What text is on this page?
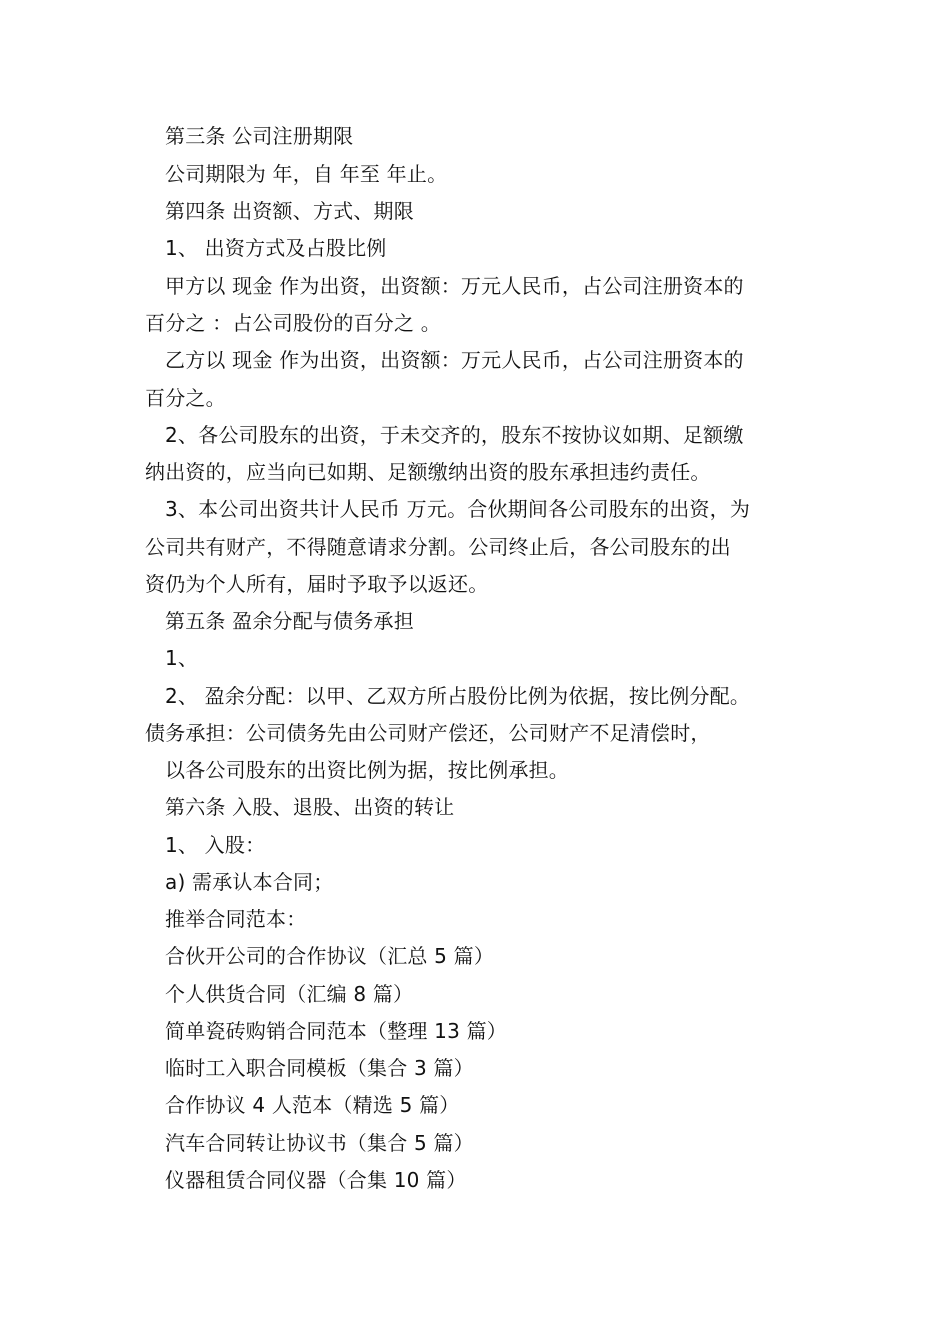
第三条 公司注册期限
公司期限为 年，自 年至 年止。
第四条 出资额、方式、期限
1、 出资方式及占股比例
甲方以 现金 作为出资，出资额：万元人民币，占公司注册资本的
百分之 ：占公司股份的百分之 。
乙方以 现金 作为出资，出资额：万元人民币，占公司注册资本的
百分之。
2、各公司股东的出资，于未交齐的，股东不按协议如期、足额缴
纳出资的，应当向已如期、足额缴纳出资的股东承担违约责任。
3、本公司出资共计人民币 万元。合伙期间各公司股东的出资，为
公司共有财产，不得随意请求分割。公司终止后，各公司股东的出
资仍为个人所有，届时予取予以返还。
第五条 盈余分配与债务承担
1、
2、 盈余分配：以甲、乙双方所占股份比例为依据，按比例分配。
债务承担：公司债务先由公司财产偿还，公司财产不足清偿时，
以各公司股东的出资比例为据，按比例承担。
第六条 入股、退股、出资的转让
1、 入股：
a) 需承认本合同；
推举合同范本：
合伙开公司的合作协议（汇总 5 篇）
个人供货合同（汇编 8 篇）
简单瓷砖购销合同范本（整理 13 篇）
临时工入职合同模板（集合 3 篇）
合作协议 4 人范本（精选 5 篇）
汽车合同转让协议书（集合 5 篇）
仪器租赁合同仪器（合集 10 篇）
